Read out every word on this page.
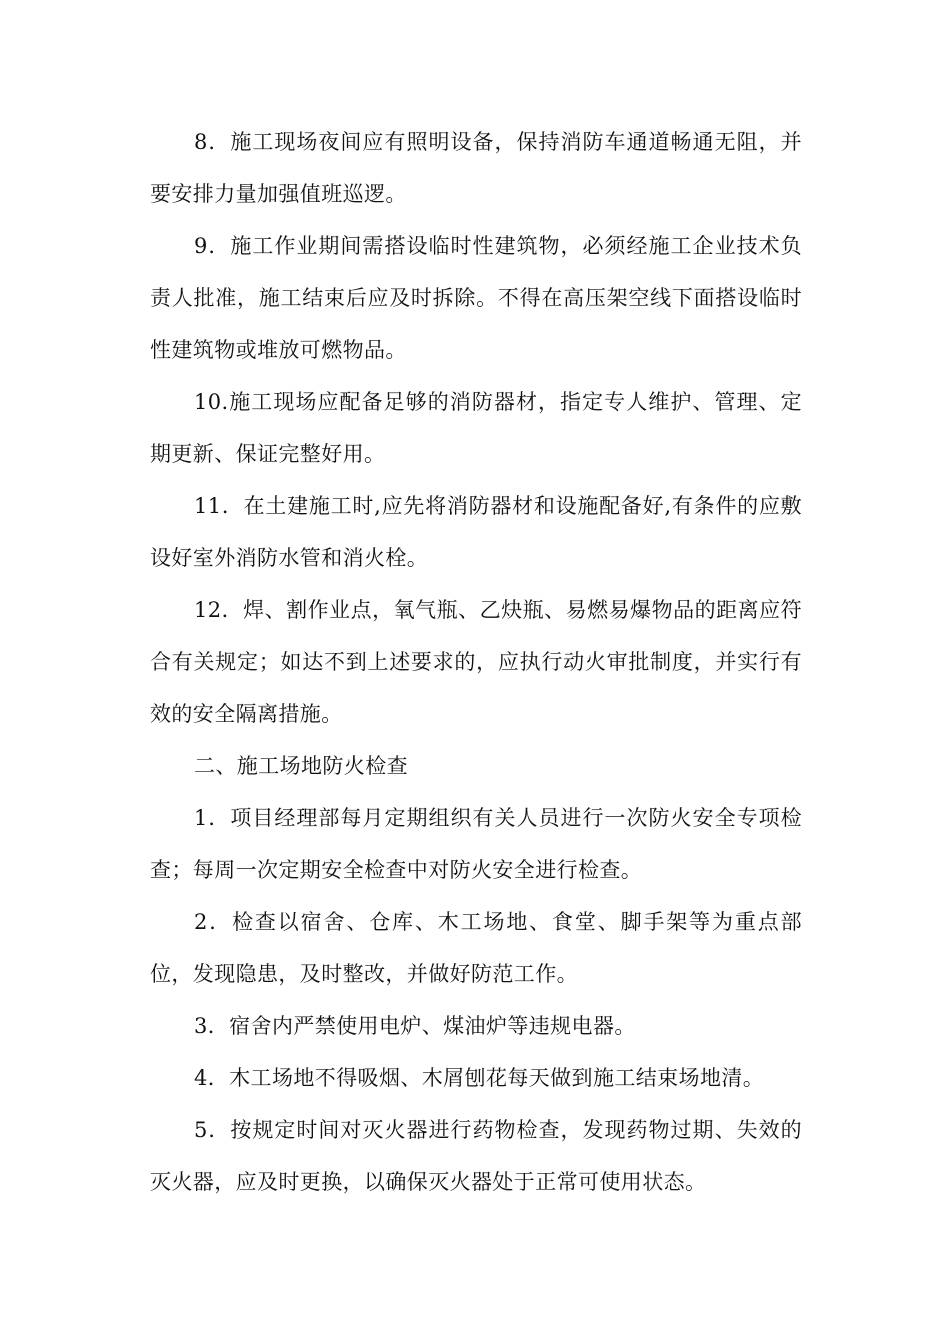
8．施工现场夜间应有照明设备，保持消防车通道畅通无阻，并要安排力量加强值班巡逻。

9．施工作业期间需搭设临时性建筑物，必须经施工企业技术负责人批准，施工结束后应及时拆除。不得在高压架空线下面搭设临时性建筑物或堆放可燃物品。

10.施工现场应配备足够的消防器材，指定专人维护、管理、定期更新、保证完整好用。

11．在土建施工时,应先将消防器材和设施配备好,有条件的应敷设好室外消防水管和消火栓。

12．焊、割作业点，氧气瓶、乙炔瓶、易燃易爆物品的距离应符合有关规定；如达不到上述要求的，应执行动火审批制度，并实行有效的安全隔离措施。

二、施工场地防火检查

1．项目经理部每月定期组织有关人员进行一次防火安全专项检查；每周一次定期安全检查中对防火安全进行检查。

2．检查以宿舍、仓库、木工场地、食堂、脚手架等为重点部位，发现隐患，及时整改，并做好防范工作。

3．宿舍内严禁使用电炉、煤油炉等违规电器。

4．木工场地不得吸烟、木屑刨花每天做到施工结束场地清。

5．按规定时间对灭火器进行药物检查，发现药物过期、失效的灭火器，应及时更换，以确保灭火器处于正常可使用状态。
